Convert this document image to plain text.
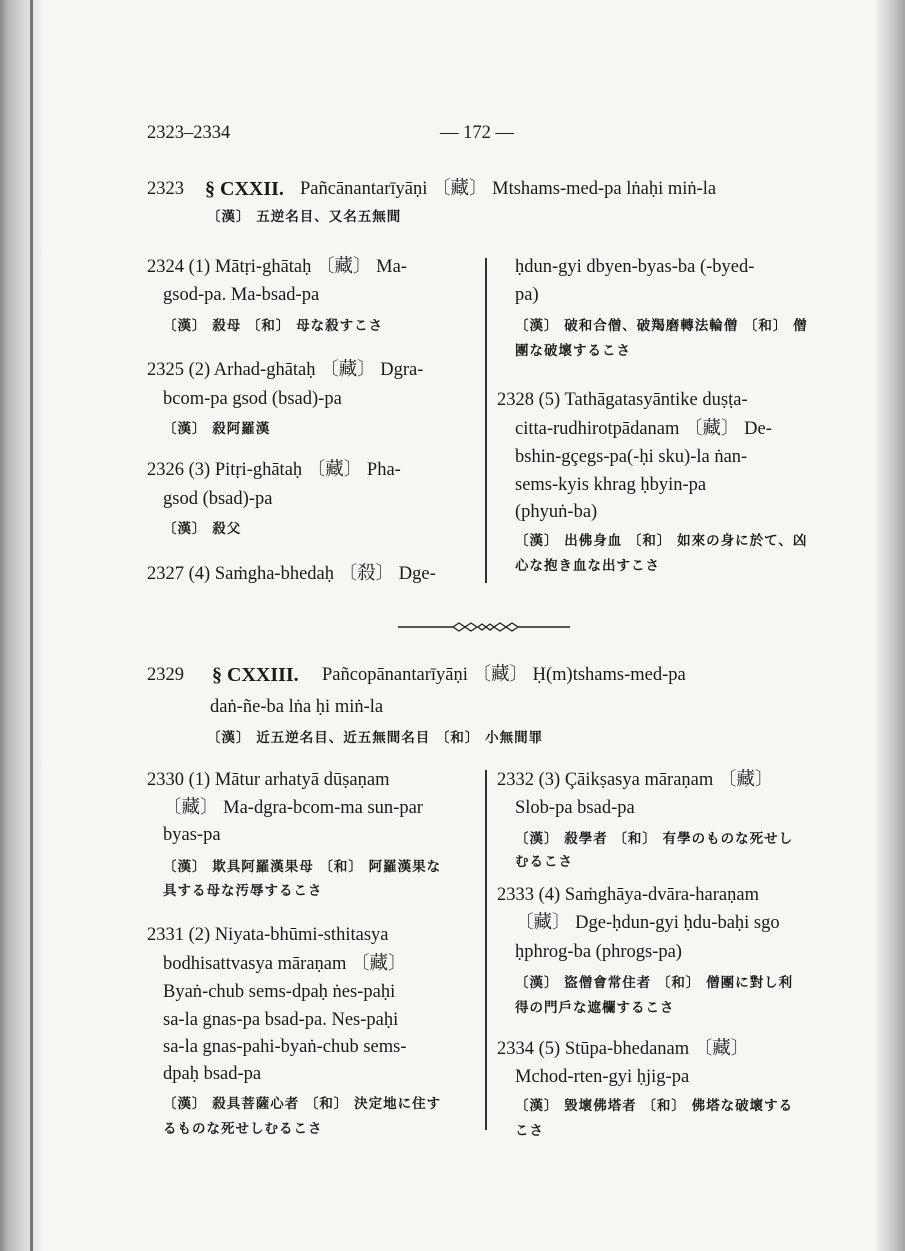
2323–2334	— 172 —
2323 § CXXII. Pañcānantarīyāṇi 〔藏〕 Mtshams-med-pa lṅaḥi miṅ-la
〔漢〕 五逆名目、又名五無間
2324 (1) Mātṛi-ghātaḥ 〔藏〕 Ma-
gsod-pa. Ma-bsad-pa
〔漢〕 殺母 〔和〕 母な殺すこさ
2325 (2) Arhad-ghātaḥ 〔藏〕 Dgra-
bcom-pa gsod (bsad)-pa
〔漢〕 殺阿羅漢
2326 (3) Pitṛi-ghātaḥ 〔藏〕 Pha-
gsod (bsad)-pa
〔漢〕 殺父
2327 (4) Saṁgha-bhedaḥ 〔殺〕 Dge-
ḥdun-gyi dbyen-byas-ba (-byed-
pa)
〔漢〕 破和合僧、破羯磨轉法輪僧 〔和〕 僧
團な破壞するこさ
2328 (5) Tathāgatasyāntike duṣṭa-
citta-rudhirotpādanam 〔藏〕 De-
bshin-gçegs-pa(-ḥi sku)-la ṅan-
sems-kyis khrag ḥbyin-pa
(phyuṅ-ba)
〔漢〕 出佛身血 〔和〕 如來の身に於て、凶
心な抱き血な出すこさ
2329 § CXXIII. Pañcopānantarīyāṇi 〔藏〕 Ḥ(m)tshams-med-pa
daṅ-ñe-ba lṅa ḥi miṅ-la
〔漢〕 近五逆名目、近五無間名目 〔和〕 小無間罪
2330 (1) Mātur arhatyā dūṣaṇam
〔藏〕 Ma-dgra-bcom-ma sun-par
byas-pa
〔漢〕 欺具阿羅漢果母 〔和〕 阿羅漢果な
具する母な汚辱するこさ
2331 (2) Niyata-bhūmi-sthitasya
bodhisattvasya māraṇam 〔藏〕
Byaṅ-chub sems-dpaḥ ṅes-paḥi
sa-la gnas-pa bsad-pa. Nes-paḥi
sa-la gnas-pahi-byaṅ-chub sems-
dpaḥ bsad-pa
〔漢〕 殺具菩薩心者 〔和〕 決定地に住す
るものな死せしむるこさ
2332 (3) Çāikṣasya māraṇam 〔藏〕
Slob-pa bsad-pa
〔漢〕 殺學者 〔和〕 有學のものな死せし
むるこさ
2333 (4) Saṁghāya-dvāra-haraṇam
〔藏〕 Dge-ḥdun-gyi ḥdu-baḥi sgo
ḥphrog-ba (phrogs-pa)
〔漢〕 盜僧會常住者 〔和〕 僧團に對し利
得の門戶な遮欄するこさ
2334 (5) Stūpa-bhedanam 〔藏〕
Mchod-rten-gyi ḥjig-pa
〔漢〕 毀壞佛塔者 〔和〕 佛塔な破壞する
こさ
